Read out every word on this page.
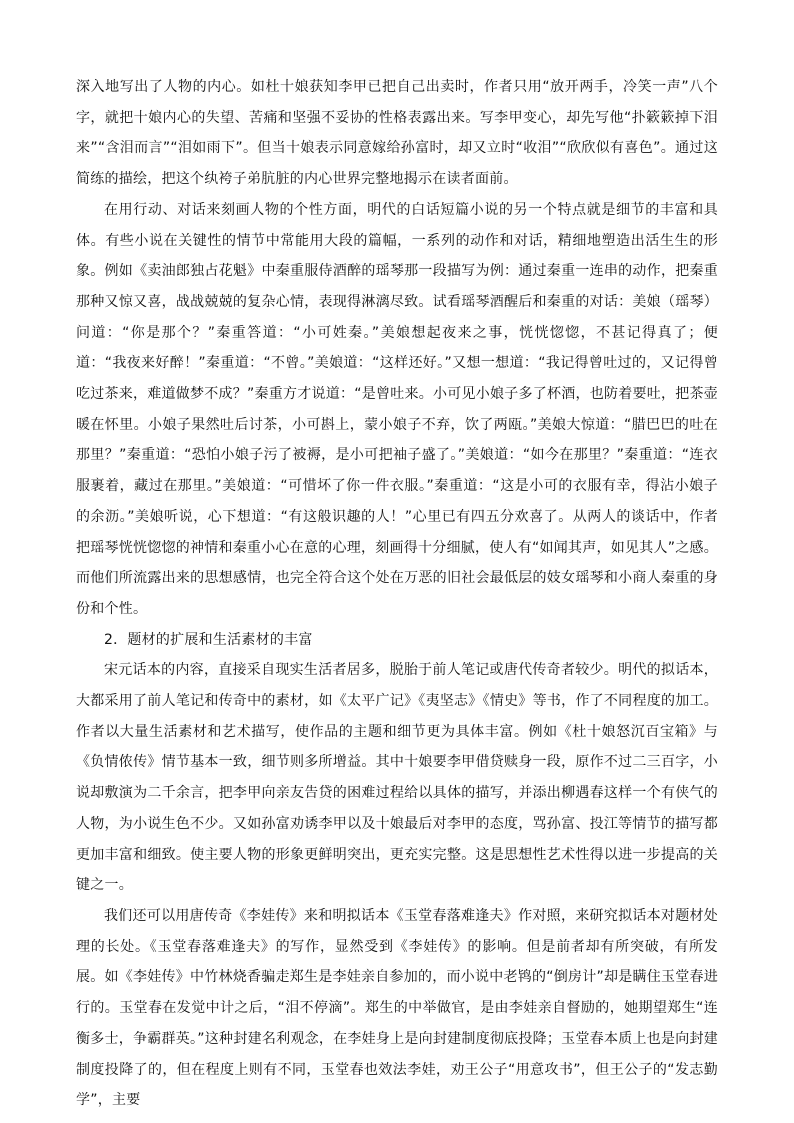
深入地写出了人物的内心。如杜十娘获知李甲已把自己出卖时，作者只用“放开两手，冷笑一声”八个字，就把十娘内心的失望、苦痛和坚强不妥协的性格表露出来。写李甲变心，却先写他“扑簌簌掉下泪来”“含泪而言”“泪如雨下”。但当十娘表示同意嫁给孙富时，却又立时“收泪”“欣欣似有喜色”。通过这简练的描绘，把这个纨袴子弟肮脏的内心世界完整地揭示在读者面前。

在用行动、对话来刻画人物的个性方面，明代的白话短篇小说的另一个特点就是细节的丰富和具体。有些小说在关键性的情节中常能用大段的篇幅，一系列的动作和对话，精细地塑造出活生生的形象。例如《卖油郎独占花魁》中秦重服侍酒醉的瑶琴那一段描写为例：通过秦重一连串的动作，把秦重那种又惊又喜，战战兢兢的复杂心情，表现得淋漓尽致。试看瑶琴酒醒后和秦重的对话：美娘（瑶琴）问道：“你是那个？”秦重答道：“小可姓秦。”美娘想起夜来之事，恍恍惚惚，不甚记得真了；便道：“我夜来好醉！”秦重道：“不曾。”美娘道：“这样还好。”又想一想道：“我记得曾吐过的，又记得曾吃过茶来，难道做梦不成？”秦重方才说道：“是曾吐来。小可见小娘子多了杯酒，也防着要吐，把茶壶暖在怀里。小娘子果然吐后讨茶，小可斟上，蒙小娘子不弃，饮了两瓯。”美娘大惊道：“腊巴巴的吐在那里？”秦重道：“恐怕小娘子污了被褥，是小可把袖子盛了。”美娘道：“如今在那里？”秦重道：“连衣服裹着，藏过在那里。”美娘道：“可惜坏了你一件衣服。”秦重道：“这是小可的衣服有幸，得沾小娘子的余沥。”美娘听说，心下想道：“有这般识趣的人！”心里已有四五分欢喜了。从两人的谈话中，作者把瑶琴恍恍惚惚的神情和秦重小心在意的心理，刻画得十分细腻，使人有“如闻其声，如见其人”之感。而他们所流露出来的思想感情，也完全符合这个处在万恶的旧社会最低层的妓女瑶琴和小商人秦重的身份和个性。

2．题材的扩展和生活素材的丰富

宋元话本的内容，直接采自现实生活者居多，脱胎于前人笔记或唐代传奇者较少。明代的拟话本，大都采用了前人笔记和传奇中的素材，如《太平广记》《夷坚志》《情史》等书，作了不同程度的加工。作者以大量生活素材和艺术描写，使作品的主题和细节更为具体丰富。例如《杜十娘怒沉百宝箱》与《负情侬传》情节基本一致，细节则多所增益。其中十娘要李甲借贷赎身一段，原作不过二三百字，小说却敷演为二千余言，把李甲向亲友告贷的困难过程给以具体的描写，并添出柳遇春这样一个有侠气的人物，为小说生色不少。又如孙富劝诱李甲以及十娘最后对李甲的态度，骂孙富、投江等情节的描写都更加丰富和细致。使主要人物的形象更鲜明突出，更充实完整。这是思想性艺术性得以进一步提高的关键之一。

我们还可以用唐传奇《李娃传》来和明拟话本《玉堂春落难逢夫》作对照，来研究拟话本对题材处理的长处。《玉堂春落难逢夫》的写作，显然受到《李娃传》的影响。但是前者却有所突破，有所发展。如《李娃传》中竹林烧香骗走郑生是李娃亲自参加的，而小说中老鸨的“倒房计”却是瞒住玉堂春进行的。玉堂春在发觉中计之后，“泪不停滴”。郑生的中举做官，是由李娃亲自督励的，她期望郑生“连衡多士，争霸群英。”这种封建名利观念，在李娃身上是向封建制度彻底投降；玉堂春本质上也是向封建制度投降了的，但在程度上则有不同，玉堂春也效法李娃，劝王公子“用意攻书”，但王公子的“发志勤学”，主要
